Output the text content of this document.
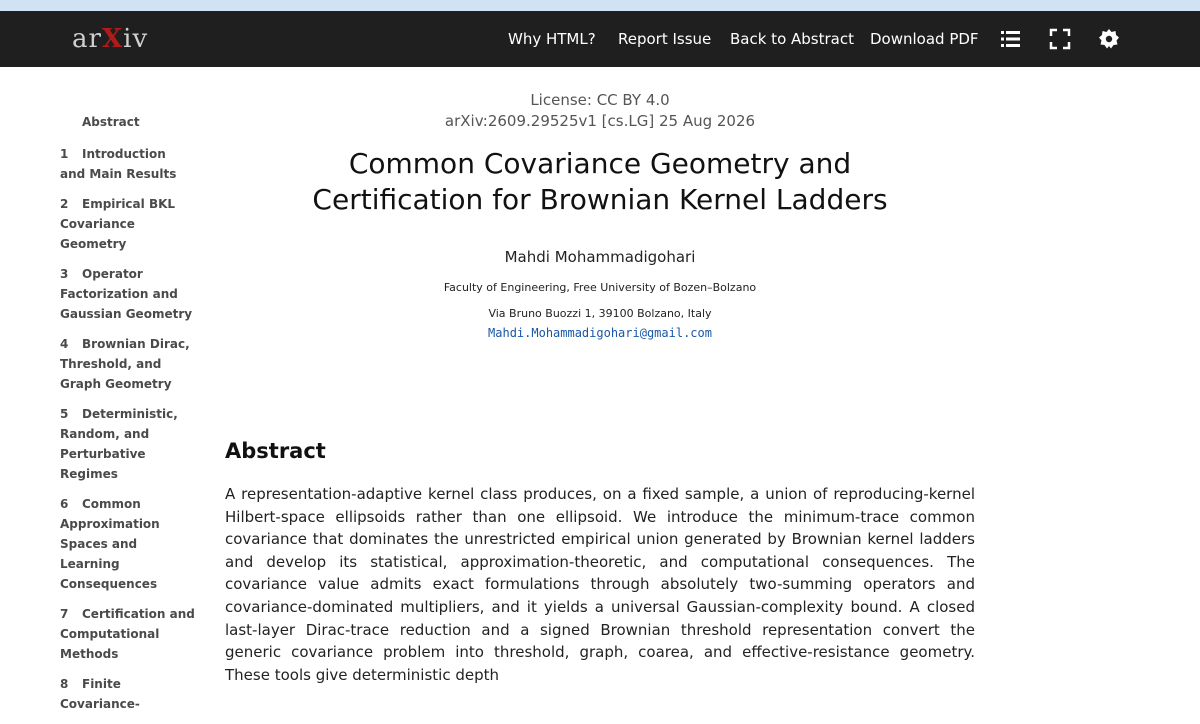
arXiv	Why HTML? Report Issue Back to Abstract Download PDF
Abstract
1 Introduction and Main Results
2 Empirical BKL Covariance Geometry
3 Operator Factorization and Gaussian Geometry
4 Brownian Dirac, Threshold, and Graph Geometry
5 Deterministic, Random, and Perturbative Regimes
6 Common Approximation Spaces and Learning Consequences
7 Certification and Computational Methods
8 Finite Covariance-
License: CC BY 4.0
arXiv:2609.29525v1 [cs.LG] 25 Aug 2026
Common Covariance Geometry and
Certification for Brownian Kernel Ladders
Mahdi Mohammadigohari
Faculty of Engineering, Free University of Bozen–Bolzano
Via Bruno Buozzi 1, 39100 Bolzano, Italy
Mahdi.Mohammadigohari@gmail.com
Abstract
A representation-adaptive kernel class produces, on a fixed sample, a union of reproducing-kernel Hilbert-space ellipsoids rather than one ellipsoid. We introduce the minimum-trace common covariance that dominates the unrestricted empirical union generated by Brownian kernel ladders and develop its statistical, approximation-theoretic, and computational consequences. The covariance value admits exact formulations through absolutely two-summing operators and covariance-dominated multipliers, and it yields a universal Gaussian-complexity bound. A closed last-layer Dirac-trace reduction and a signed Brownian threshold representation convert the generic covariance problem into threshold, graph, coarea, and effective-resistance geometry. These tools give deterministic depth
